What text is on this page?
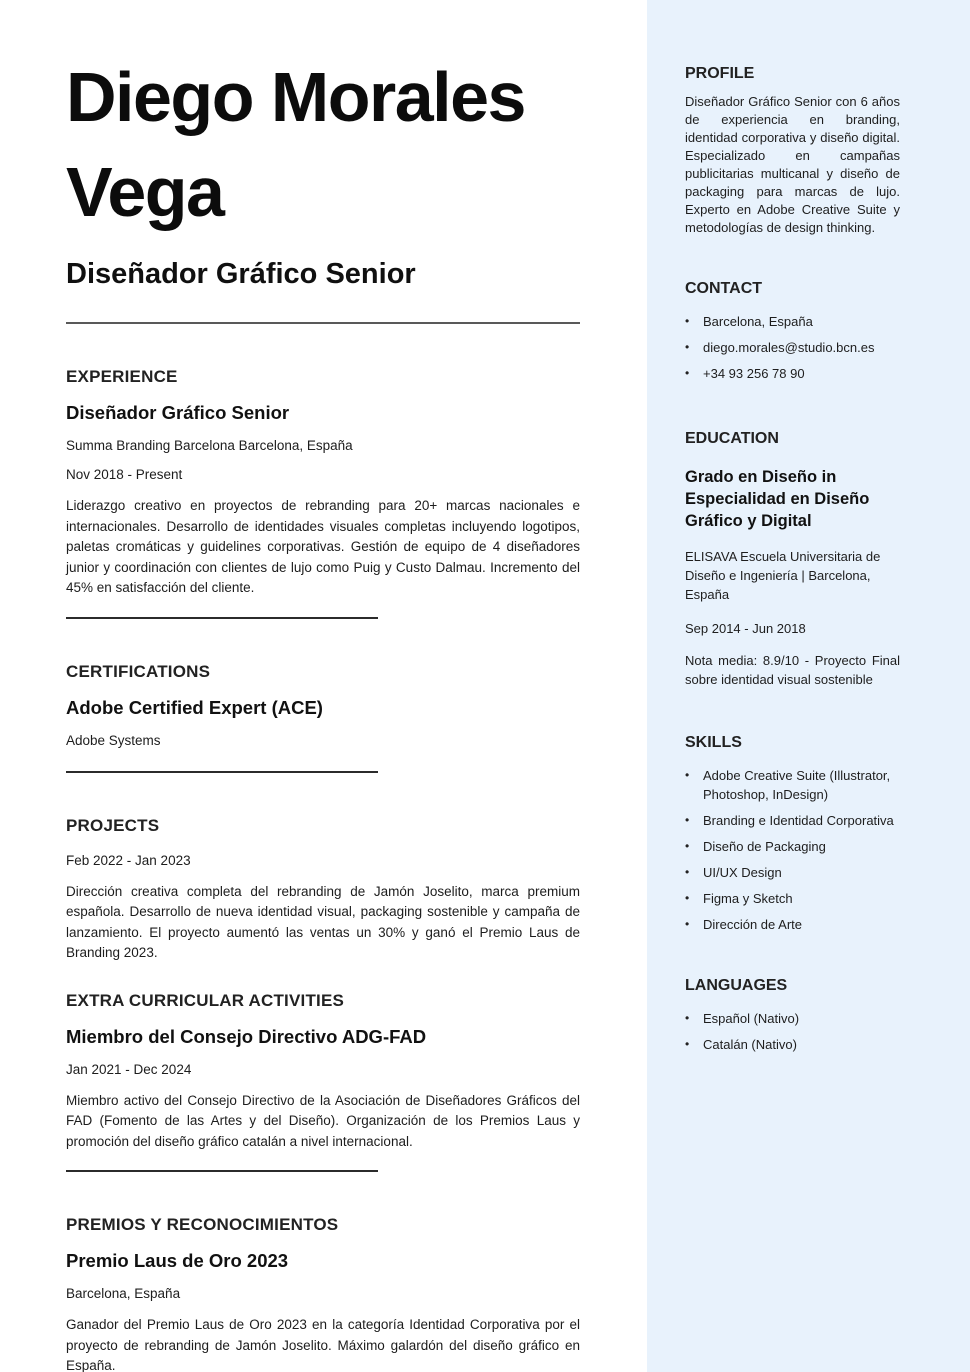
Diego Morales Vega
Diseñador Gráfico Senior
EXPERIENCE
Diseñador Gráfico Senior
Summa Branding Barcelona Barcelona, España
Nov 2018 - Present

Liderazgo creativo en proyectos de rebranding para 20+ marcas nacionales e internacionales. Desarrollo de identidades visuales completas incluyendo logotipos, paletas cromáticas y guidelines corporativas. Gestión de equipo de 4 diseñadores junior y coordinación con clientes de lujo como Puig y Custo Dalmau. Incremento del 45% en satisfacción del cliente.

CERTIFICATIONS
Adobe Certified Expert (ACE)
Adobe Systems
PROJECTS
Feb 2022 - Jan 2023

Dirección creativa completa del rebranding de Jamón Joselito, marca premium española. Desarrollo de nueva identidad visual, packaging sostenible y campaña de lanzamiento. El proyecto aumentó las ventas un 30% y ganó el Premio Laus de Branding 2023.

EXTRA CURRICULAR ACTIVITIES
Miembro del Consejo Directivo ADG-FAD
Jan 2021 - Dec 2024

Miembro activo del Consejo Directivo de la Asociación de Diseñadores Gráficos del FAD (Fomento de las Artes y del Diseño). Organización de los Premios Laus y promoción del diseño gráfico catalán a nivel internacional.

PREMIOS Y RECONOCIMIENTOS
Premio Laus de Oro 2023
Barcelona, España

Ganador del Premio Laus de Oro 2023 en la categoría Identidad Corporativa por el proyecto de rebranding de Jamón Joselito. Máximo galardón del diseño gráfico en España.

PROFILE

Diseñador Gráfico Senior con 6 años de experiencia en branding, identidad corporativa y diseño digital. Especializado en campañas publicitarias multicanal y diseño de packaging para marcas de lujo. Experto en Adobe Creative Suite y metodologías de design thinking.

CONTACT
•	Barcelona, España
•	diego.morales@studio.bcn.es
•	+34 93 256 78 90
EDUCATION
Grado en Diseño in Especialidad en Diseño Gráfico y Digital
ELISAVA Escuela Universitaria de Diseño e Ingeniería | Barcelona, España
Sep 2014 - Jun 2018

Nota media: 8.9/10 - Proyecto Final sobre identidad visual sostenible

SKILLS
•	Adobe Creative Suite (Illustrator, Photoshop, InDesign)
•	Branding e Identidad Corporativa
•	Diseño de Packaging
•	UI/UX Design
•	Figma y Sketch
•	Dirección de Arte
LANGUAGES
•	Español (Nativo)
•	Catalán (Nativo)
